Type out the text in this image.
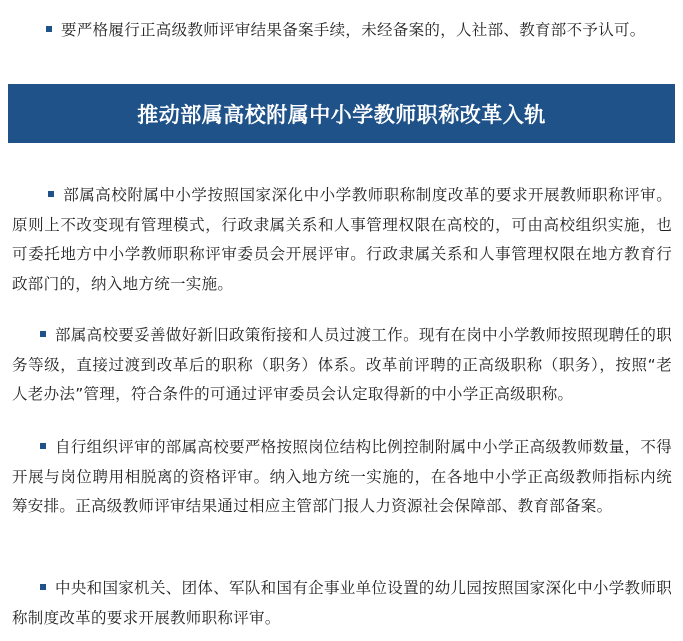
要严格履行正高级教师评审结果备案手续，未经备案的，人社部、教育部不予认可。

推动部属高校附属中小学教师职称改革入轨

部属高校附属中小学按照国家深化中小学教师职称制度改革的要求开展教师职称评审。原则上不改变现有管理模式，行政隶属关系和人事管理权限在高校的，可由高校组织实施，也可委托地方中小学教师职称评审委员会开展评审。行政隶属关系和人事管理权限在地方教育行政部门的，纳入地方统一实施。

部属高校要妥善做好新旧政策衔接和人员过渡工作。现有在岗中小学教师按照现聘任的职务等级，直接过渡到改革后的职称（职务）体系。改革前评聘的正高级职称（职务），按照“老人老办法”管理，符合条件的可通过评审委员会认定取得新的中小学正高级职称。

自行组织评审的部属高校要严格按照岗位结构比例控制附属中小学正高级教师数量，不得开展与岗位聘用相脱离的资格评审。纳入地方统一实施的，在各地中小学正高级教师指标内统筹安排。正高级教师评审结果通过相应主管部门报人力资源社会保障部、教育部备案。

中央和国家机关、团体、军队和国有企事业单位设置的幼儿园按照国家深化中小学教师职称制度改革的要求开展教师职称评审。
